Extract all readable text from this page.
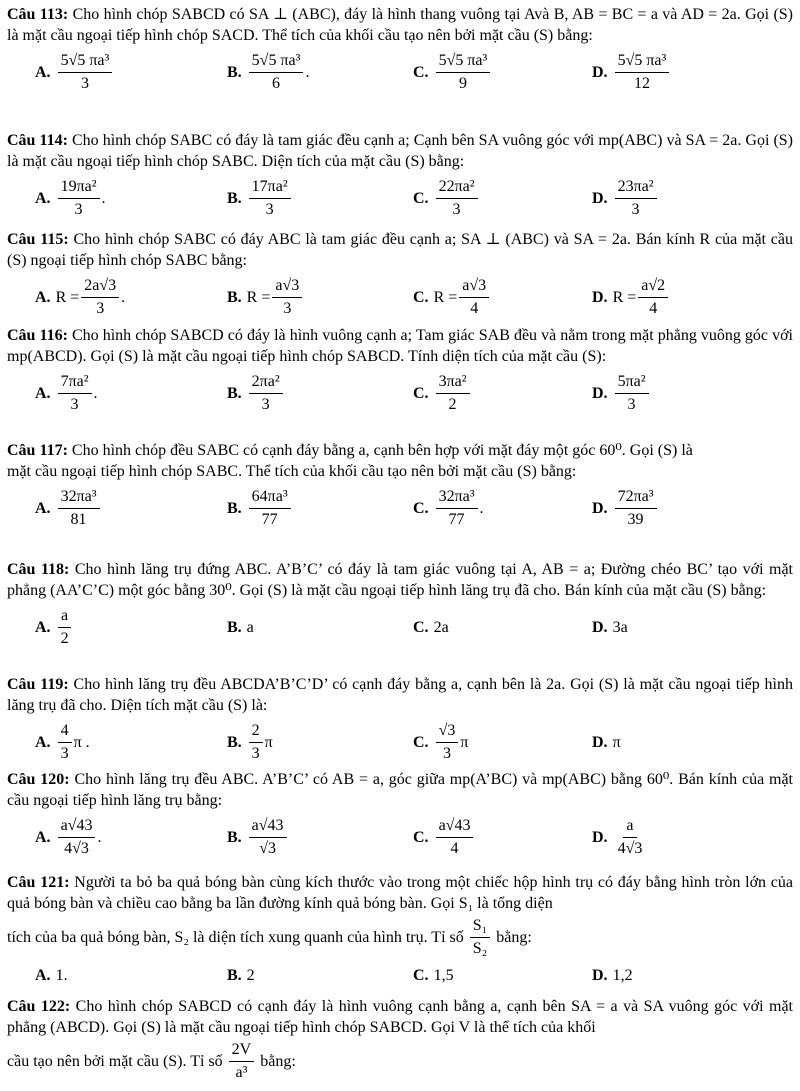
Câu 113: Cho hình chóp SABCD có SA ⊥ (ABC), đáy là hình thang vuông tại Avà B, AB = BC = a và AD = 2a. Gọi (S) là mặt cầu ngoại tiếp hình chóp SACD. Thể tích của khối cầu tạo nên bởi mặt cầu (S) bằng:
A. $\frac{\text{5√5 πa³}}{3}$	B. $\frac{\text{5√5 πa³}}{6}$ .	C. $\frac{\text{5√5 πa³}}{9}$	D. $\frac{\text{5√5 πa³}}{12}$
Câu 114: Cho hình chóp SABC có đáy là tam giác đều cạnh a; Cạnh bên SA vuông góc với mp(ABC) và SA = 2a. Gọi (S) là mặt cầu ngoại tiếp hình chóp SABC. Diện tích của mặt cầu (S) bằng:
A. $\frac{\text{19πa²}}{3}$ .	B. $\frac{\text{17πa²}}{3}$	C. $\frac{\text{22πa²}}{3}$	D. $\frac{\text{23πa²}}{3}$
Câu 115: Cho hình chóp SABC có đáy ABC là tam giác đều cạnh a; SA ⊥ (ABC) và SA = 2a. Bán kính R của mặt cầu (S) ngoại tiếp hình chóp SABC bằng:
A. $R = \frac{2a√3}{3}$ .	B. $R = \frac{a√3}{3}$	C. $R = \frac{a√3}{4}$	D. $R = \frac{a√2}{4}$
Câu 116: Cho hình chóp SABCD có đáy là hình vuông cạnh a; Tam giác SAB đều và nằm trong mặt phẳng vuông góc với mp(ABCD). Gọi (S) là mặt cầu ngoại tiếp hình chóp SABCD. Tính diện tích của mặt cầu (S):
A. $\frac{\text{7πa²}}{3}$ .	B. $\frac{\text{2πa²}}{3}$	C. $\frac{\text{3πa²}}{2}$	D. $\frac{\text{5πa²}}{3}$
Câu 117: Cho hình chóp đều SABC có cạnh đáy bằng a, cạnh bên hợp với mặt đáy một góc 60⁰. Gọi (S) là
mặt cầu ngoại tiếp hình chóp SABC. Thể tích của khối cầu tạo nên bởi mặt cầu (S) bằng:
A. $\frac{\text{32πa³}}{81}$	B. $\frac{\text{64πa³}}{77}$	C. $\frac{\text{32πa³}}{77}$ .	D. $\frac{\text{72πa³}}{39}$
Câu 118: Cho hình lăng trụ đứng ABC. A’B’C’ có đáy là tam giác vuông tại A, AB = a; Đường chéo BC’ tạo với mặt phẳng (AA’C’C) một góc bằng 30⁰. Gọi (S) là mặt cầu ngoại tiếp hình lăng trụ đã cho. Bán kính của mặt cầu (S) bằng:
A. $\frac{a}{2}$	B. a	C. 2a	D. 3a
Câu 119: Cho hình lăng trụ đều ABCDA’B’C’D’ có cạnh đáy bằng a, cạnh bên là 2a. Gọi (S) là mặt cầu ngoại tiếp hình lăng trụ đã cho. Diện tích mặt cầu (S) là:
A. $\frac{4}{3}$ π .	B. $\frac{2}{3}$ π	C. $\frac{√3}{3}$ π	D. π
Câu 120: Cho hình lăng trụ đều ABC. A’B’C’ có AB = a, góc giữa mp(A’BC) và mp(ABC) bằng 60⁰. Bán kính của mặt cầu ngoại tiếp hình lăng trụ bằng:
A. $\frac{a√43}{4√3}$ .	B. $\frac{a√43}{√3}$	C. $\frac{a√43}{4}$	D. $\frac{a}{4√3}$
Câu 121: Người ta bỏ ba quả bóng bàn cùng kích thước vào trong một chiếc hộp hình trụ có đáy bằng hình tròn lớn của quả bóng bàn và chiều cao bằng ba lần đường kính quả bóng bàn. Gọi S₁ là tổng diện
tích của ba quả bóng bàn, S₂ là diện tích xung quanh của hình trụ. Tỉ số $\frac{\text{S₁}}{\text{S₂}}$ bằng:
A. 1.	B. 2	C. 1,5	D. 1,2
Câu 122: Cho hình chóp SABCD có cạnh đáy là hình vuông cạnh bằng a, cạnh bên SA = a và SA vuông góc với mặt phẳng (ABCD). Gọi (S) là mặt cầu ngoại tiếp hình chóp SABCD. Gọi V là thể tích của khối
cầu tạo nên bởi mặt cầu (S). Tỉ số $\frac{2V}{\text{a³}}$ bằng:
